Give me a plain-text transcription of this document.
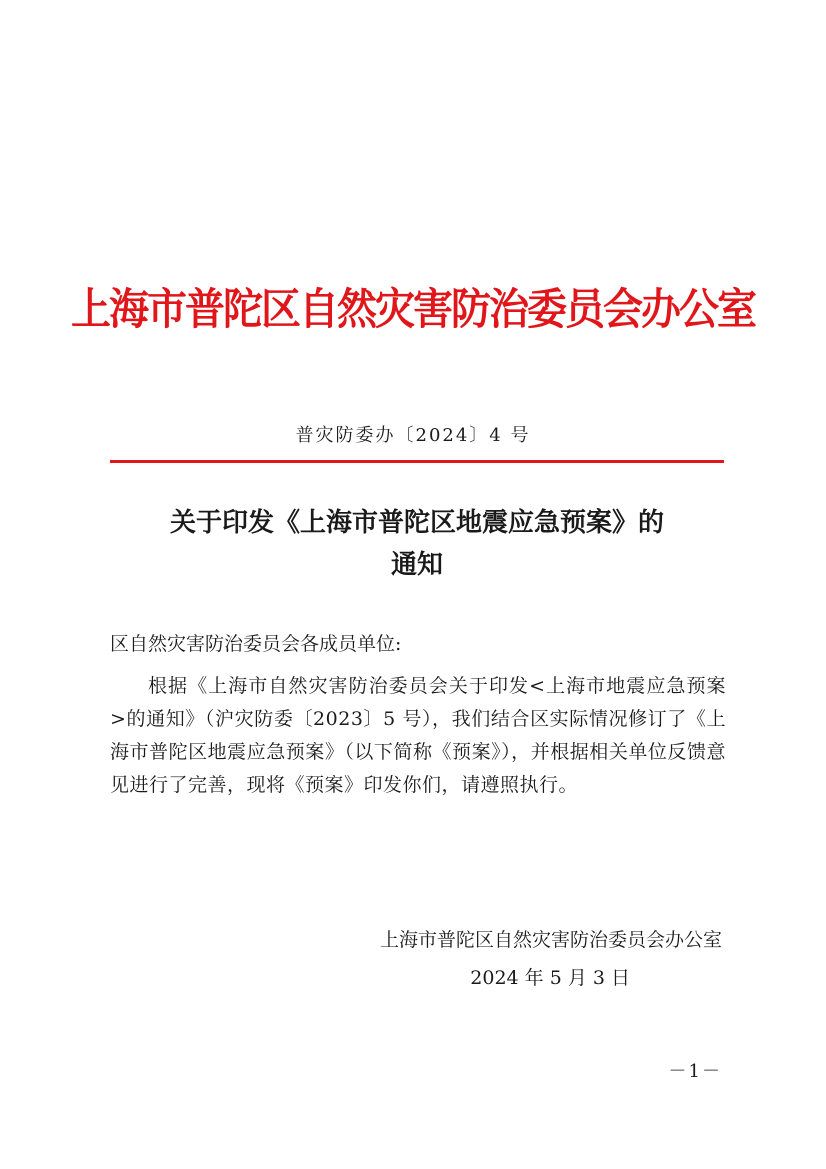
上海市普陀区自然灾害防治委员会办公室
普灾防委办〔2024〕4 号
关于印发《上海市普陀区地震应急预案》的
通知
区自然灾害防治委员会各成员单位:
根据《上海市自然灾害防治委员会关于印发<上海市地震应急预案>的通知》（沪灾防委〔2023〕5 号），我们结合区实际情况修订了《上海市普陀区地震应急预案》（以下简称《预案》），并根据相关单位反馈意见进行了完善，现将《预案》印发你们，请遵照执行。
上海市普陀区自然灾害防治委员会办公室
2024 年 5 月 3 日
－1－
